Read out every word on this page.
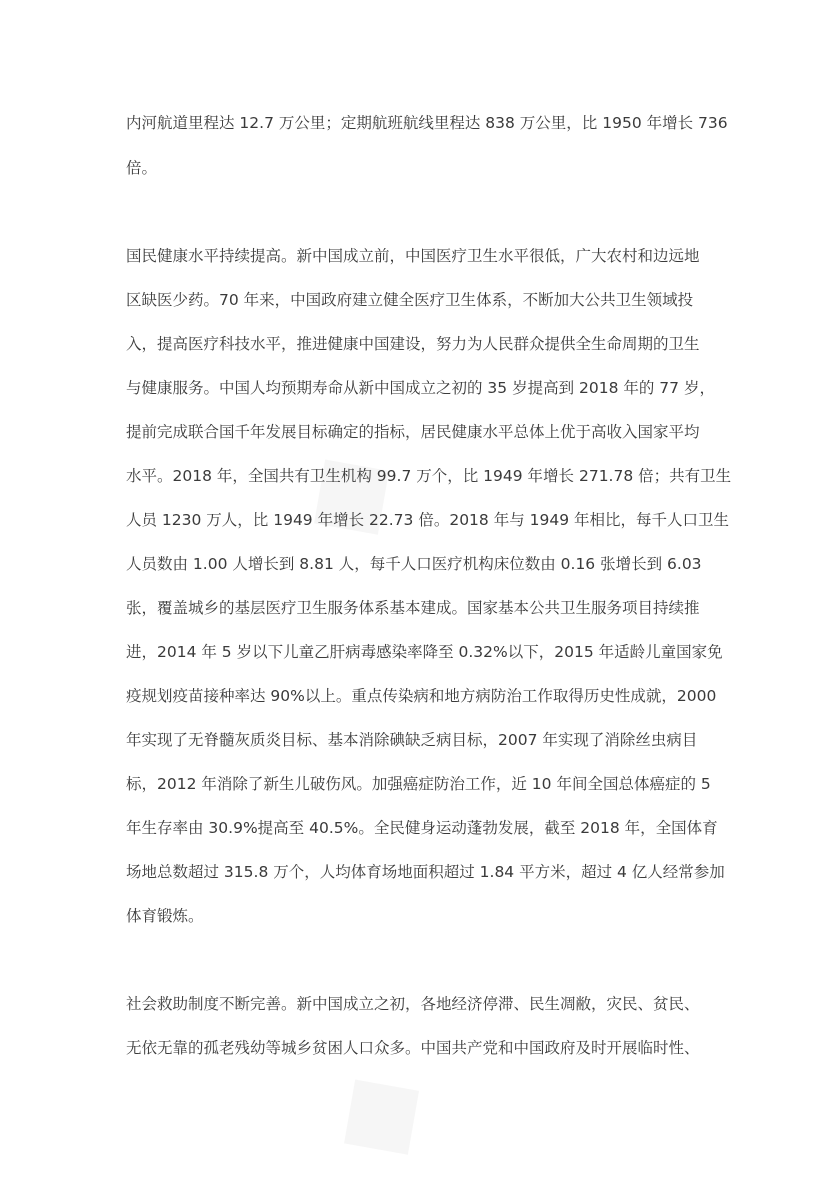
内河航道里程达 12.7 万公里；定期航班航线里程达 838 万公里，比 1950 年增长 736
倍。
国民健康水平持续提高。新中国成立前，中国医疗卫生水平很低，广大农村和边远地
区缺医少药。70 年来，中国政府建立健全医疗卫生体系，不断加大公共卫生领域投
入，提高医疗科技水平，推进健康中国建设，努力为人民群众提供全生命周期的卫生
与健康服务。中国人均预期寿命从新中国成立之初的 35 岁提高到 2018 年的 77 岁，
提前完成联合国千年发展目标确定的指标，居民健康水平总体上优于高收入国家平均
水平。2018 年，全国共有卫生机构 99.7 万个，比 1949 年增长 271.78 倍；共有卫生
人员 1230 万人，比 1949 年增长 22.73 倍。2018 年与 1949 年相比，每千人口卫生
人员数由 1.00 人增长到 8.81 人，每千人口医疗机构床位数由 0.16 张增长到 6.03
张，覆盖城乡的基层医疗卫生服务体系基本建成。国家基本公共卫生服务项目持续推
进，2014 年 5 岁以下儿童乙肝病毒感染率降至 0.32%以下，2015 年适龄儿童国家免
疫规划疫苗接种率达 90%以上。重点传染病和地方病防治工作取得历史性成就，2000
年实现了无脊髓灰质炎目标、基本消除碘缺乏病目标，2007 年实现了消除丝虫病目
标，2012 年消除了新生儿破伤风。加强癌症防治工作，近 10 年间全国总体癌症的 5
年生存率由 30.9%提高至 40.5%。全民健身运动蓬勃发展，截至 2018 年，全国体育
场地总数超过 315.8 万个，人均体育场地面积超过 1.84 平方米，超过 4 亿人经常参加
体育锻炼。
社会救助制度不断完善。新中国成立之初，各地经济停滞、民生凋敝，灾民、贫民、
无依无靠的孤老残幼等城乡贫困人口众多。中国共产党和中国政府及时开展临时性、
